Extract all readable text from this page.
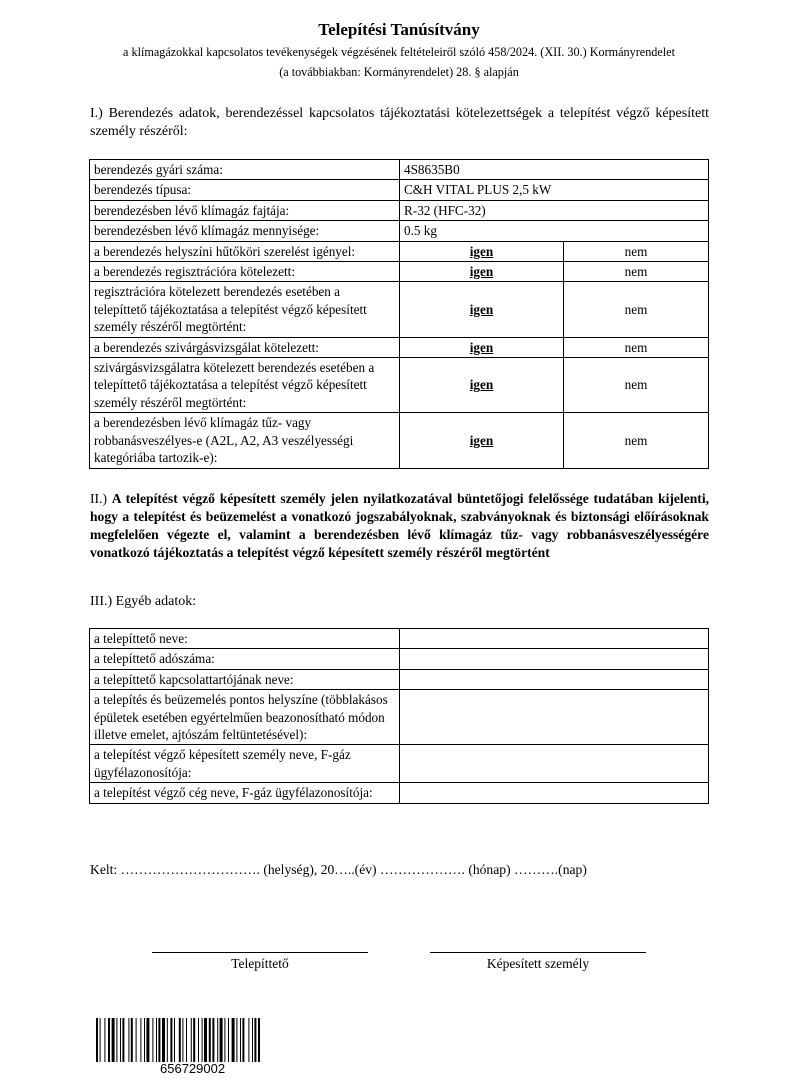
Telepítési Tanúsítvány
a klímagázokkal kapcsolatos tevékenységek végzésének feltételeiről szóló 458/2024. (XII. 30.) Kormányrendelet
(a továbbiakban: Kormányrendelet) 28. § alapján
I.) Berendezés adatok, berendezéssel kapcsolatos tájékoztatási kötelezettségek a telepítést végző képesített személy részéről:
berendezés gyári száma:	4S8635B0	
berendezés típusa:	C&H VITAL PLUS 2,5 kW	
berendezésben lévő klímagáz fajtája:	R-32 (HFC-32)	
berendezésben lévő klímagáz mennyisége:	0.5 kg	
a berendezés helyszíni hűtőköri szerelést igényel:	igen	nem
a berendezés regisztrációra kötelezett:	igen	nem
regisztrációra kötelezett berendezés esetében a telepíttető tájékoztatása a telepítést végző képesített személy részéről megtörtént:	igen	nem
a berendezés szivárgásvizsgálat kötelezett:	igen	nem
szivárgásvizsgálatra kötelezett berendezés esetében a telepíttető tájékoztatása a telepítést végző képesített személy részéről megtörtént:	igen	nem
a berendezésben lévő klímagáz tűz- vagy robbanásveszélyes-e (A2L, A2, A3 veszélyességi kategóriába tartozik-e):	igen	nem
II.) A telepítést végző képesített személy jelen nyilatkozatával büntetőjogi felelőssége tudatában kijelenti, hogy a telepítést és beüzemelést a vonatkozó jogszabályoknak, szabványoknak és biztonsági előírásoknak megfelelően végezte el, valamint a berendezésben lévő klímagáz tűz- vagy robbanásveszélyességére vonatkozó tájékoztatás a telepítést végző képesített személy részéről megtörtént
III.) Egyéb adatok:
a telepíttető neve:	
a telepíttető adószáma:	
a telepíttető kapcsolattartójának neve:	
a telepítés és beüzemelés pontos helyszíne (többlakásos épületek esetében egyértelműen beazonosítható módon illetve emelet, ajtószám feltüntetésével):	
a telepítést végző képesített személy neve, F-gáz ügyfélazonosítója:	
a telepítést végző cég neve, F-gáz ügyfélazonosítója:	
Kelt: …………………………. (helység), 20…..(év) ………………. (hónap) ……….(nap)
Telepíttető	Képesített személy
656729002
